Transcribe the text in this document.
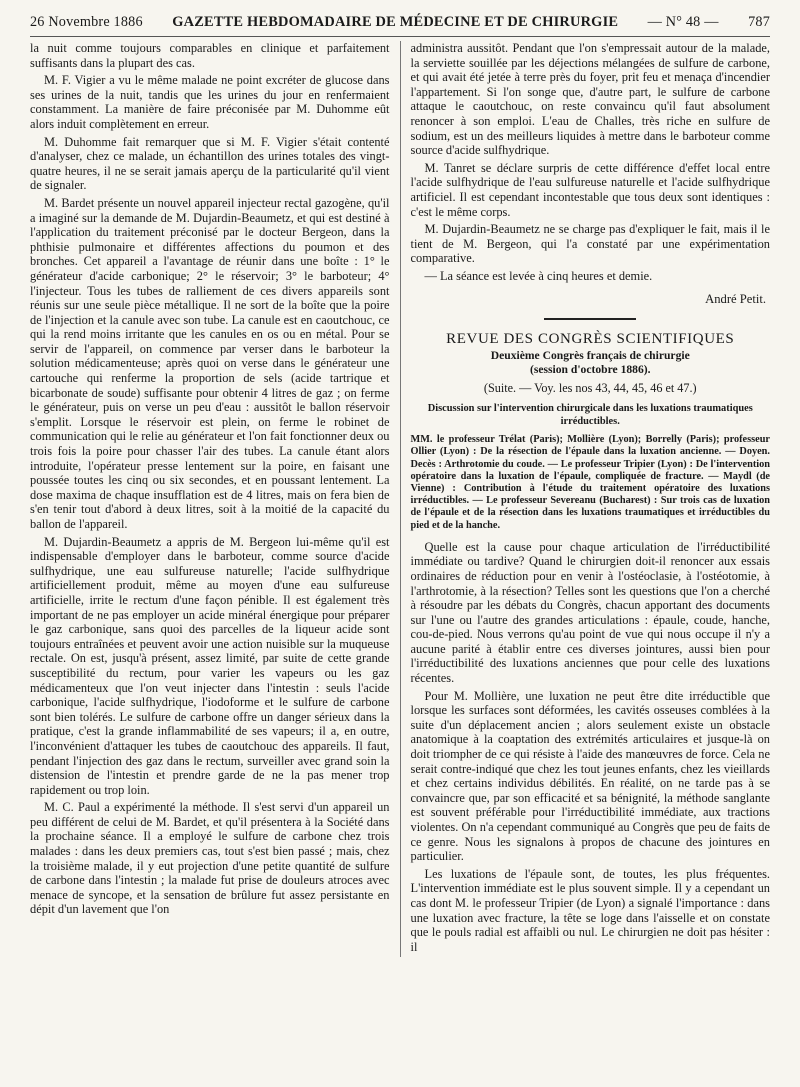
26 Novembre 1886 GAZETTE HEBDOMADAIRE DE MÉDECINE ET DE CHIRURGIE — N° 48 — 787

la nuit comme toujours comparables en clinique et parfaitement suffisants dans la plupart des cas.

M. F. Vigier a vu le même malade ne point excréter de glucose dans ses urines de la nuit, tandis que les urines du jour en renfermaient constamment. La manière de faire préconisée par M. Duhomme eût alors induit complètement en erreur.

M. Duhomme fait remarquer que si M. F. Vigier s'était contenté d'analyser, chez ce malade, un échantillon des urines totales des vingt-quatre heures, il ne se serait jamais aperçu de la particularité qu'il vient de signaler.

M. Bardet présente un nouvel appareil injecteur rectal gazogène, qu'il a imaginé sur la demande de M. Dujardin-Beaumetz, et qui est destiné à l'application du traitement préconisé par le docteur Bergeon, dans la phthisie pulmonaire et différentes affections du poumon et des bronches. Cet appareil a l'avantage de réunir dans une boîte : 1° le générateur d'acide carbonique; 2° le réservoir; 3° le barboteur; 4° l'injecteur. Tous les tubes de ralliement de ces divers appareils sont réunis sur une seule pièce métallique. Il ne sort de la boîte que la poire de l'injection et la canule avec son tube. La canule est en caoutchouc, ce qui la rend moins irritante que les canules en os ou en métal. Pour se servir de l'appareil, on commence par verser dans le barboteur la solution médicamenteuse; après quoi on verse dans le générateur une cartouche qui renferme la proportion de sels (acide tartrique et bicarbonate de soude) suffisante pour obtenir 4 litres de gaz ; on ferme le générateur, puis on verse un peu d'eau : aussitôt le ballon réservoir s'emplit. Lorsque le réservoir est plein, on ferme le robinet de communication qui le relie au générateur et l'on fait fonctionner deux ou trois fois la poire pour chasser l'air des tubes. La canule étant alors introduite, l'opérateur presse lentement sur la poire, en faisant une poussée toutes les cinq ou six secondes, et en poussant lentement. La dose maxima de chaque insufflation est de 4 litres, mais on fera bien de s'en tenir tout d'abord à deux litres, soit à la moitié de la capacité du ballon de l'appareil.

M. Dujardin-Beaumetz a appris de M. Bergeon lui-même qu'il est indispensable d'employer dans le barboteur, comme source d'acide sulfhydrique, une eau sulfureuse naturelle; l'acide sulfhydrique artificiellement produit, même au moyen d'une eau sulfureuse artificielle, irrite le rectum d'une façon pénible. Il est également très important de ne pas employer un acide minéral énergique pour préparer le gaz carbonique, sans quoi des parcelles de la liqueur acide sont toujours entraînées et peuvent avoir une action nuisible sur la muqueuse rectale. On est, jusqu'à présent, assez limité, par suite de cette grande susceptibilité du rectum, pour varier les vapeurs ou les gaz médicamenteux que l'on veut injecter dans l'intestin : seuls l'acide carbonique, l'acide sulfhydrique, l'iodoforme et le sulfure de carbone sont bien tolérés. Le sulfure de carbone offre un danger sérieux dans la pratique, c'est la grande inflammabilité de ses vapeurs; il a, en outre, l'inconvénient d'attaquer les tubes de caoutchouc des appareils. Il faut, pendant l'injection des gaz dans le rectum, surveiller avec grand soin la distension de l'intestin et prendre garde de ne la pas mener trop rapidement ou trop loin.

M. C. Paul a expérimenté la méthode. Il s'est servi d'un appareil un peu différent de celui de M. Bardet, et qu'il présentera à la Société dans la prochaine séance. Il a employé le sulfure de carbone chez trois malades : dans les deux premiers cas, tout s'est bien passé ; mais, chez la troisième malade, il y eut projection d'une petite quantité de sulfure de carbone dans l'intestin ; la malade fut prise de douleurs atroces avec menace de syncope, et la sensation de brûlure fut assez persistante en dépit d'un lavement que l'on

administra aussitôt. Pendant que l'on s'empressait autour de la malade, la serviette souillée par les déjections mélangées de sulfure de carbone, et qui avait été jetée à terre près du foyer, prit feu et menaça d'incendier l'appartement. Si l'on songe que, d'autre part, le sulfure de carbone attaque le caoutchouc, on reste convaincu qu'il faut absolument renoncer à son emploi. L'eau de Challes, très riche en sulfure de sodium, est un des meilleurs liquides à mettre dans le barboteur comme source d'acide sulfhydrique.

M. Tanret se déclare surpris de cette différence d'effet local entre l'acide sulfhydrique de l'eau sulfureuse naturelle et l'acide sulfhydrique artificiel. Il est cependant incontestable que tous deux sont identiques : c'est le même corps.

M. Dujardin-Beaumetz ne se charge pas d'expliquer le fait, mais il le tient de M. Bergeon, qui l'a constaté par une expérimentation comparative.

— La séance est levée à cinq heures et demie.

André Petit.
REVUE DES CONGRÈS SCIENTIFIQUES
Deuxième Congrès français de chirurgie
(session d'octobre 1886).
(Suite. — Voy. les nos 43, 44, 45, 46 et 47.)
Discussion sur l'intervention chirurgicale dans les luxations traumatiques irréductibles.
MM. le professeur Trélat (Paris); Mollière (Lyon); Borrelly (Paris); professeur Ollier (Lyon) : De la résection de l'épaule dans la luxation ancienne. — Doyen. Decès : Arthrotomie du coude. — Le professeur Tripier (Lyon) : De l'intervention opératoire dans la luxation de l'épaule, compliquée de fracture. — Maydl (de Vienne) : Contribution à l'étude du traitement opératoire des luxations irréductibles. — Le professeur Severeanu (Bucharest) : Sur trois cas de luxation de l'épaule et de la résection dans les luxations traumatiques et irréductibles du pied et de la hanche.

Quelle est la cause pour chaque articulation de l'irréductibilité immédiate ou tardive? Quand le chirurgien doit-il renoncer aux essais ordinaires de réduction pour en venir à l'ostéoclasie, à l'ostéotomie, à l'arthrotomie, à la résection? Telles sont les questions que l'on a cherché à résoudre par les débats du Congrès, chacun apportant des documents sur l'une ou l'autre des grandes articulations : épaule, coude, hanche, cou-de-pied. Nous verrons qu'au point de vue qui nous occupe il n'y a aucune parité à établir entre ces diverses jointures, aussi bien pour l'irréductibilité des luxations anciennes que pour celle des luxations récentes.

Pour M. Mollière, une luxation ne peut être dite irréductible que lorsque les surfaces sont déformées, les cavités osseuses comblées à la suite d'un déplacement ancien ; alors seulement existe un obstacle anatomique à la coaptation des extrémités articulaires et jusque-là on doit triompher de ce qui résiste à l'aide des manœuvres de force. Cela ne serait contre-indiqué que chez les tout jeunes enfants, chez les vieillards et chez certains individus débilités. En réalité, on ne tarde pas à se convaincre que, par son efficacité et sa bénignité, la méthode sanglante est souvent préférable pour l'irréductibilité immédiate, aux tractions violentes. On n'a cependant communiqué au Congrès que peu de faits de ce genre. Nous les signalons à propos de chacune des jointures en particulier.

Les luxations de l'épaule sont, de toutes, les plus fréquentes. L'intervention immédiate est le plus souvent simple. Il y a cependant un cas dont M. le professeur Tripier (de Lyon) a signalé l'importance : dans une luxation avec fracture, la tête se loge dans l'aisselle et on constate que le pouls radial est affaibli ou nul. Le chirurgien ne doit pas hésiter : il
